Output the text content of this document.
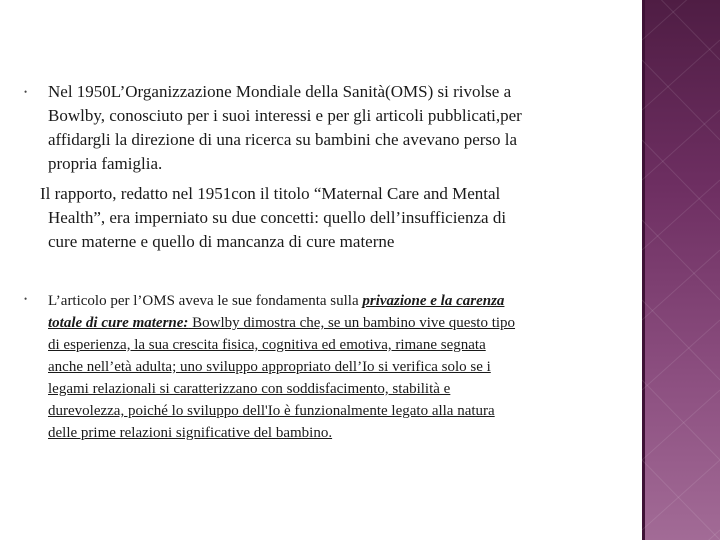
• Nel 1950L’Organizzazione Mondiale della Sanità(OMS) si rivolse a
Bowlby, conosciuto per i suoi interessi e per gli articoli pubblicati,per
affidargli la direzione di una ricerca su bambini che avevano perso la
propria famiglia.
Il rapporto, redatto nel 1951con il titolo “Maternal Care and Mental
Health”, era imperniato su due concetti: quello dell’insufficienza di
cure materne e quello di mancanza di cure materne
• L’articolo per l’OMS aveva le sue fondamenta sulla privazione e la carenza
totale di cure materne: Bowlby dimostra che, se un bambino vive questo tipo
di esperienza, la sua crescita fisica, cognitiva ed emotiva, rimane segnata
anche nell’età adulta; uno sviluppo appropriato dell’Io si verifica solo se i
legami relazionali si caratterizzano con soddisfacimento, stabilità e
durevolezza, poiché lo sviluppo dell'Io è funzionalmente legato alla natura
delle prime relazioni significative del bambino.
